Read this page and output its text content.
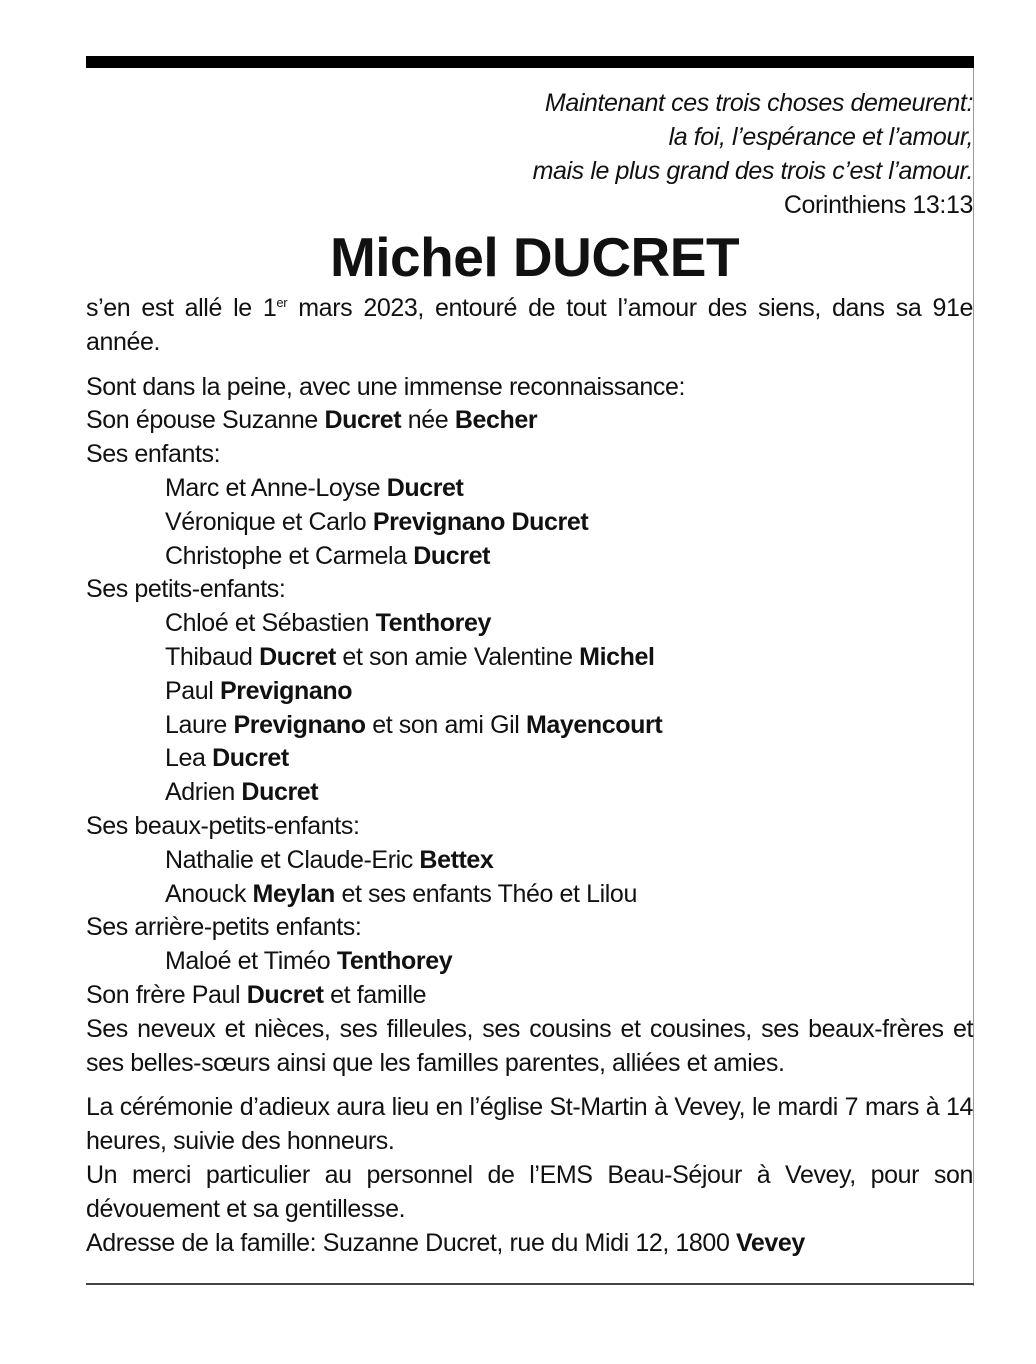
Maintenant ces trois choses demeurent:
la foi, l’espérance et l’amour,
mais le plus grand des trois c’est l’amour.
Corinthiens 13:13
Michel DUCRET
s’en est allé le 1er mars 2023, entouré de tout l’amour des siens, dans sa 91e année.
Sont dans la peine, avec une immense reconnaissance:
Son épouse Suzanne Ducret née Becher
Ses enfants:
Marc et Anne-Loyse Ducret
Véronique et Carlo Prevignano Ducret
Christophe et Carmela Ducret
Ses petits-enfants:
Chloé et Sébastien Tenthorey
Thibaud Ducret et son amie Valentine Michel
Paul Prevignano
Laure Prevignano et son ami Gil Mayencourt
Lea Ducret
Adrien Ducret
Ses beaux-petits-enfants:
Nathalie et Claude-Eric Bettex
Anouck Meylan et ses enfants Théo et Lilou
Ses arrière-petits enfants:
Maloé et Timéo Tenthorey
Son frère Paul Ducret et famille
Ses neveux et nièces, ses filleules, ses cousins et cousines, ses beaux-frères et ses belles-sœurs ainsi que les familles parentes, alliées et amies.
La cérémonie d’adieux aura lieu en l’église St-Martin à Vevey, le mardi 7 mars à 14 heures, suivie des honneurs.
Un merci particulier au personnel de l’EMS Beau-Séjour à Vevey, pour son dévouement et sa gentillesse.
Adresse de la famille: Suzanne Ducret, rue du Midi 12, 1800 Vevey
